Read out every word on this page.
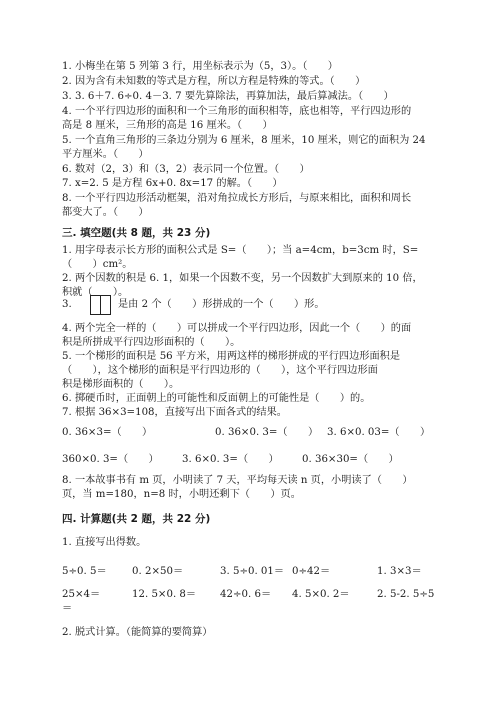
1. 小梅坐在第 5 列第 3 行，用坐标表示为（5，3）。（　　）
2. 因为含有未知数的等式是方程，所以方程是特殊的等式。（　　）
3. 3. 6＋7. 6÷0. 4－3. 7 要先算除法，再算加法，最后算减法。（　　）
4. 一个平行四边形的面积和一个三角形的面积相等，底也相等，平行四边形的
高是 8 厘米，三角形的高是 16 厘米。（　　）
5. 一个直角三角形的三条边分别为 6 厘米，8 厘米，10 厘米，则它的面积为 24
平方厘米。（　　）
6. 数对（2，3）和（3，2）表示同一个位置。（　　）
7. x=2. 5 是方程 6x+0. 8x=17 的解。（　　）
8. 一个平行四边形活动框架，沿对角拉成长方形后，与原来相比，面积和周长
都变大了。（　　）
三. 填空题(共 8 题，共 23 分)
1. 用字母表示长方形的面积公式是 S=（　　）；当 a=4cm，b=3cm 时，S=
（　　）cm²。
2. 两个因数的积是 6. 1，如果一个因数不变，另一个因数扩大到原来的 10 倍，
积就（　　）。
3.	是由 2 个（　　）形拼成的一个（　　）形。
4. 两个完全一样的（　　）可以拼成一个平行四边形，因此一个（　　）的面
积是所拼成平行四边形面积的（　　）。
5. 一个梯形的面积是 56 平方米，用两这样的梯形拼成的平行四边形面积是
（　　），这个梯形的面积是平行四边形的（　　），这个平行四边形面
积是梯形面积的（　　）。
6. 掷硬币时，正面朝上的可能性和反面朝上的可能性是（　　）的。
7. 根据 36×3=108，直接写出下面各式的结果。
0. 36×3=（　　）	0. 36×0. 3=（　　） 3. 6×0. 03=（　　）
360×0. 3=（　　） 3. 6×0. 3=（　　） 0. 36×30=（　　）
8. 一本故事书有 m 页，小明读了 7 天，平均每天读 n 页，小明读了（　　）
页，当 m=180，n=8 时，小明还剩下（　　）页。
四. 计算题(共 2 题，共 22 分)
1. 直接写出得数。
5÷0. 5＝ 0. 2×50＝	3. 5÷0. 01＝ 0÷42＝	1. 3×3＝
25×4＝	12. 5×0. 8＝ 42÷0. 6＝ 4. 5×0. 2＝	2. 5-2. 5÷5
＝
2. 脱式计算。（能简算的要简算）
